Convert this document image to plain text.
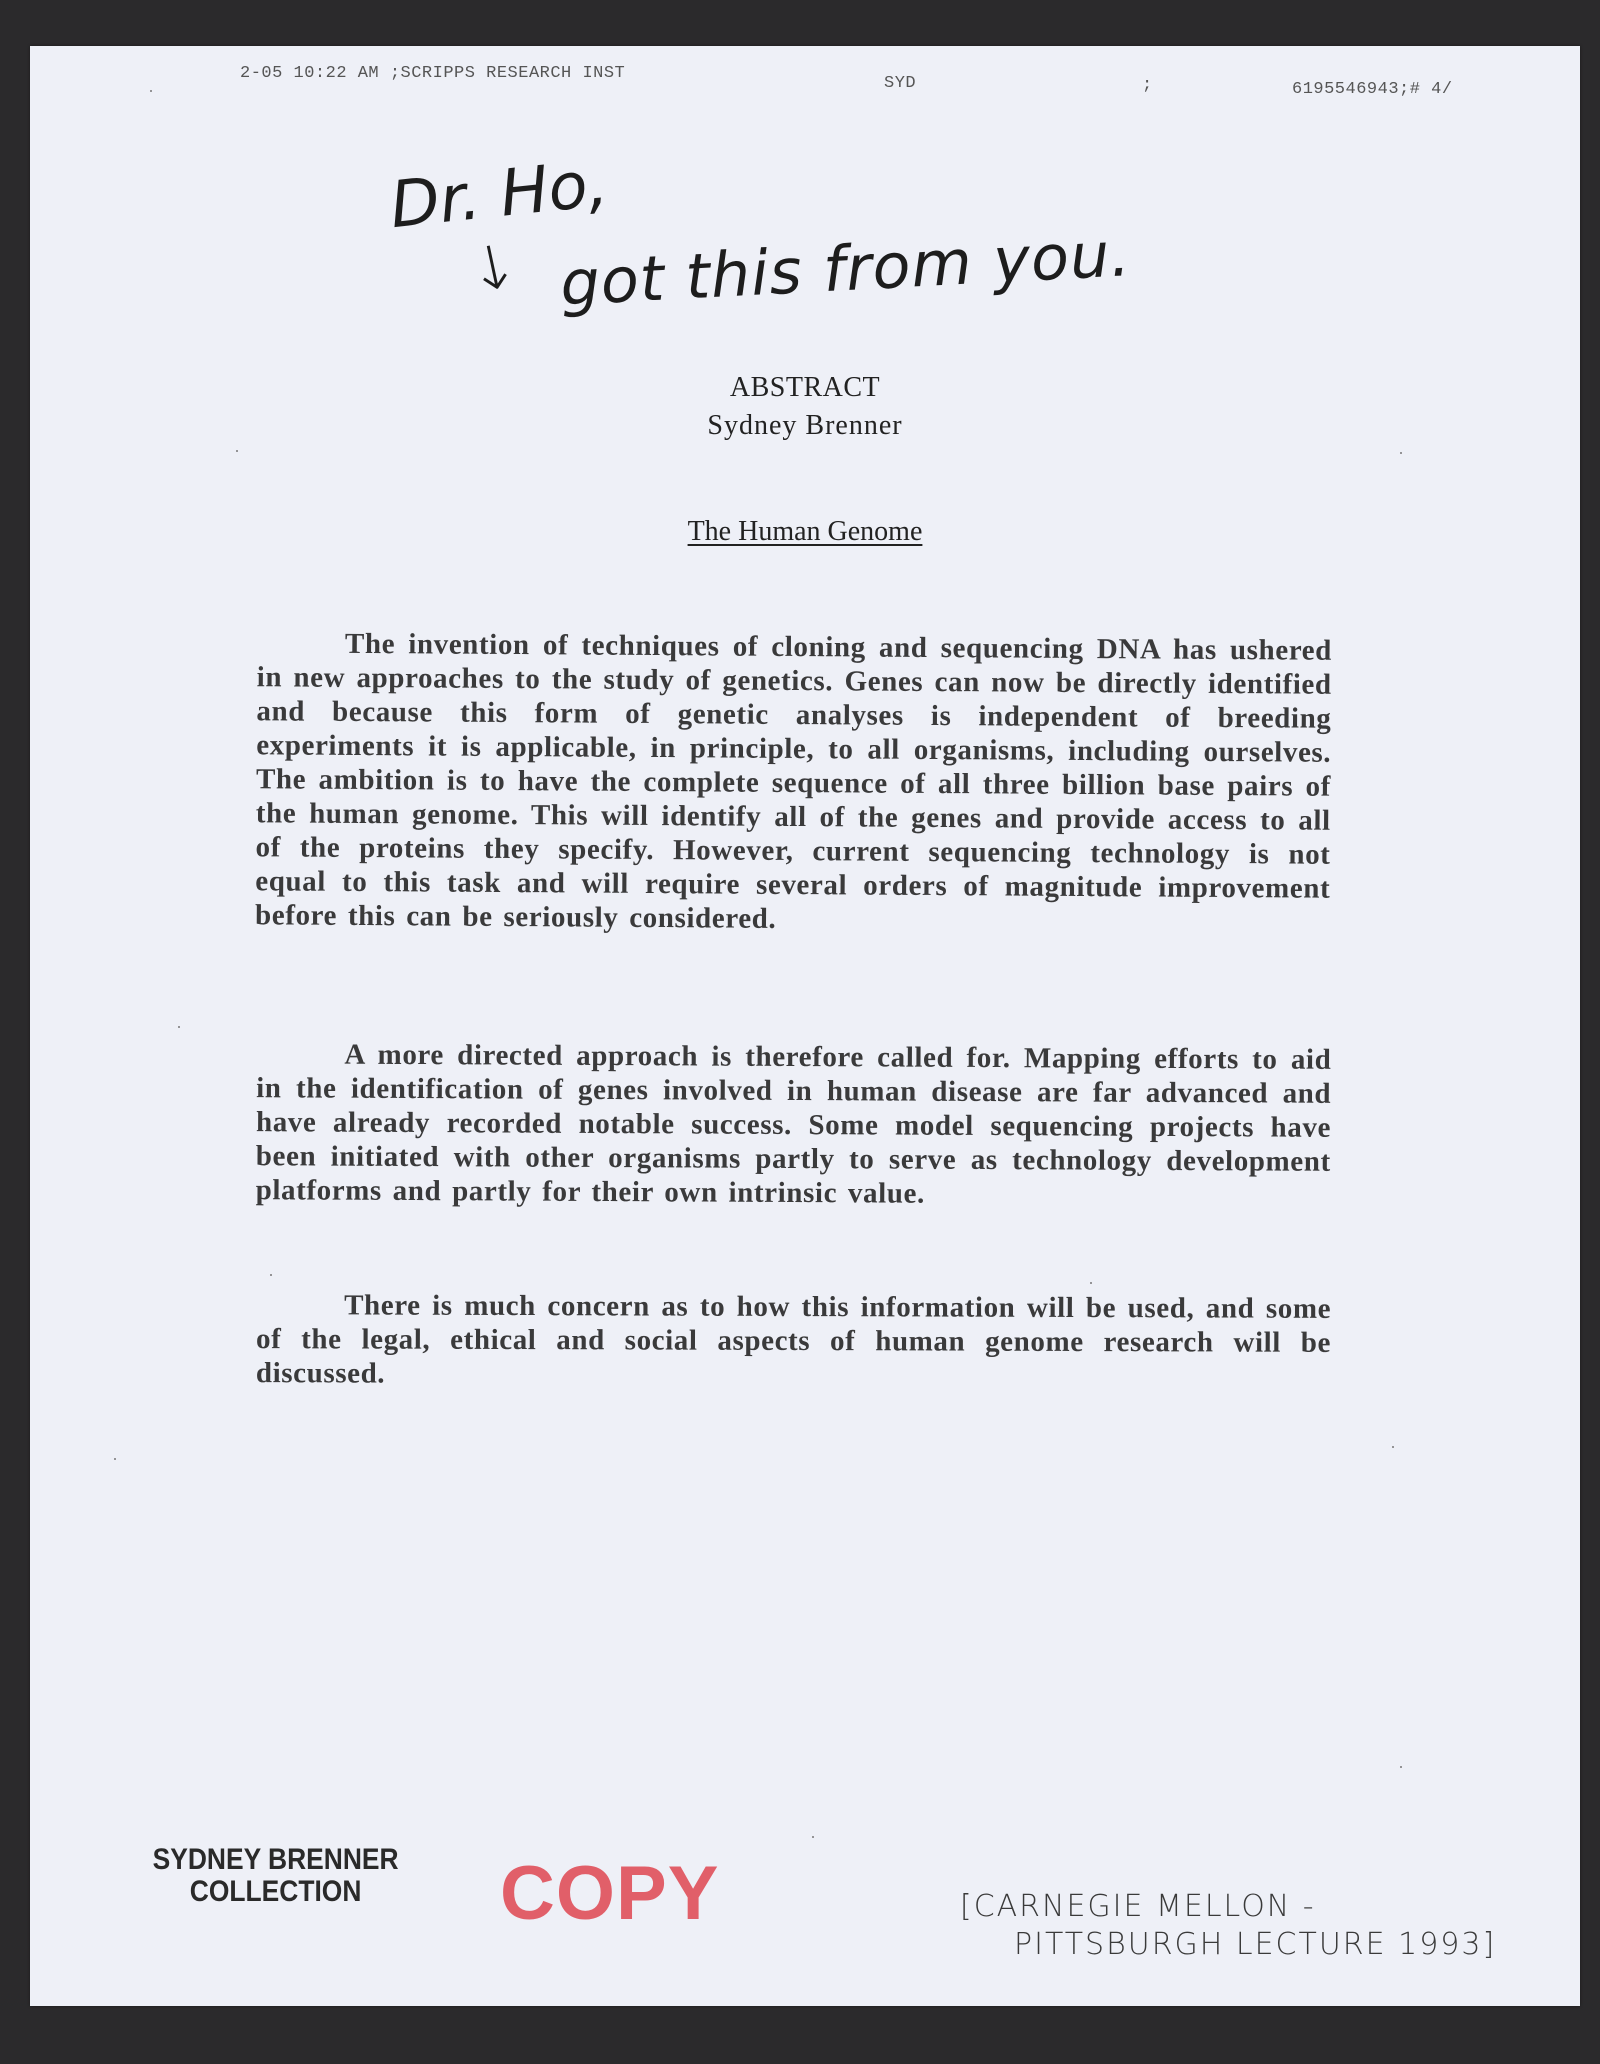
2-05 10:22 AM ;SCRIPPS RESEARCH INST
SYD	;	6195546943;# 4/
Dr. Ho,
↓ got this from you.
ABSTRACT
Sydney Brenner
The Human Genome

The invention of techniques of cloning and sequencing DNA has ushered in new approaches to the study of genetics. Genes can now be directly identified and because this form of genetic analyses is independent of breeding experiments it is applicable, in principle, to all organisms, including ourselves. The ambition is to have the complete sequence of all three billion base pairs of the human genome. This will identify all of the genes and provide access to all of the proteins they specify. However, current sequencing technology is not equal to this task and will require several orders of magnitude improvement before this can be seriously considered.

A more directed approach is therefore called for. Mapping efforts to aid in the identification of genes involved in human disease are far advanced and have already recorded notable success. Some model sequencing projects have been initiated with other organisms partly to serve as technology development platforms and partly for their own intrinsic value.

There is much concern as to how this information will be used, and some of the legal, ethical and social aspects of human genome research will be discussed.

SYDNEY BRENNER
COLLECTION	COPY	[CARNEGIE MELLON -
PITTSBURGH LECTURE 1993]
